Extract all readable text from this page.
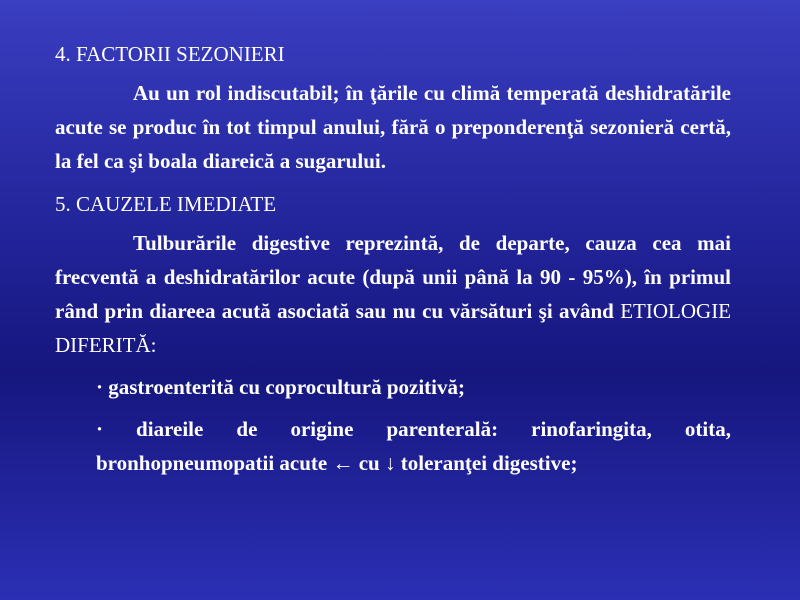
4. FACTORII SEZONIERI

Au un rol indiscutabil; în ţările cu climă temperată deshidratările acute se produc în tot timpul anului, fără o preponderenţă sezonieră certă, la fel ca şi boala diareică a sugarului.

5. CAUZELE IMEDIATE

Tulburările digestive reprezintă, de departe, cauza cea mai frecventă a deshidratărilor acute (după unii până la 90 - 95%), în primul rând prin diareea acută asociată sau nu cu vărsături şi având ETIOLOGIE DIFERITĂ:

· gastroenterită cu coprocultură pozitivă;
· diareile de origine parenterală: rinofaringita, otita, bronhopneumopatii acute ← cu ↓ toleranţei digestive;
